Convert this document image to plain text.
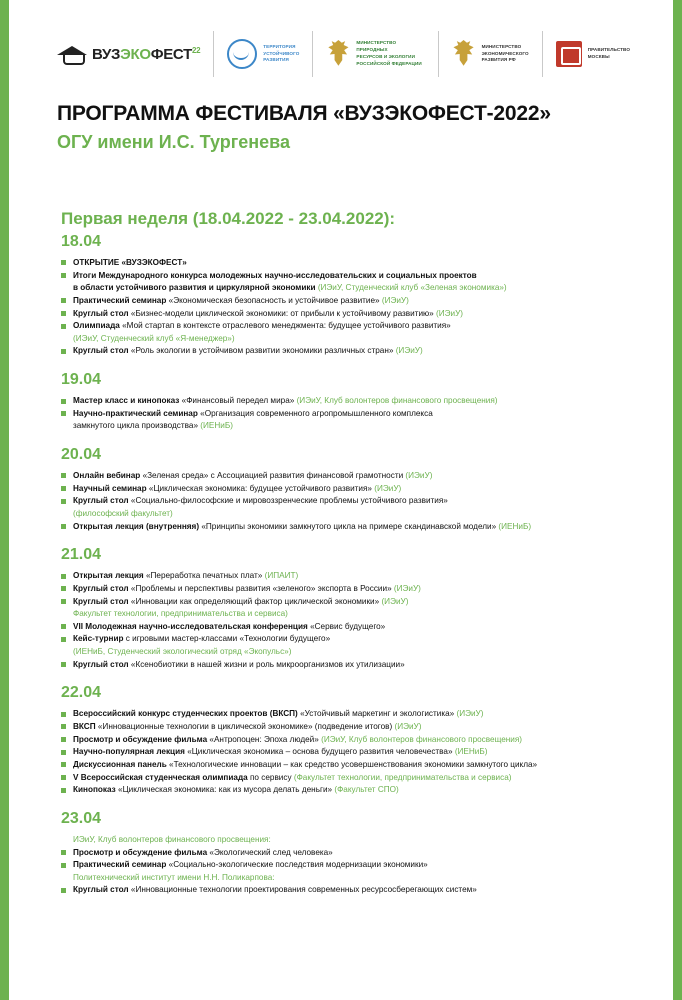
ВУЗЭКОФЕСТ$^{22}$	ТЕРРИТОРИЯ
УСТОЙЧИВОГО
РАЗВИТИЯ
МИНИСТЕРСТВО ПРИРОДНЫХ
РЕСУРСОВ И ЭКОЛОГИИ
РОССИЙСКОЙ ФЕДЕРАЦИИ
МИНИСТЕРСТВО
ЭКОНОМИЧЕСКОГО
РАЗВИТИЯ РФ
ПРАВИТЕЛЬСТВО
МОСКВЫ
ПРОГРАММА ФЕСТИВАЛЯ «ВУЗЭКОФЕСТ-2022»
ОГУ имени И.С. Тургенева
Первая неделя (18.04.2022 - 23.04.2022):
18.04
ОТКРЫТИЕ «ВУЗЭКОФЕСТ»
Итоги Международного конкурса молодежных научно-исследовательских и социальных проектов
в области устойчивого развития и циркулярной экономики (ИЭиУ, Студенческий клуб «Зеленая экономика»)
Практический семинар «Экономическая безопасность и устойчивое развитие» (ИЭиУ)
Круглый стол «Бизнес-модели циклической экономики: от прибыли к устойчивому развитию» (ИЭиУ)
Олимпиада «Мой стартап в контексте отраслевого менеджмента: будущее устойчивого развития»
(ИЭиУ, Студенческий клуб «Я-менеджер»)
Круглый стол «Роль экологии в устойчивом развитии экономики различных стран» (ИЭиУ)
19.04
Мастер класс и кинопоказ «Финансовый передел мира» (ИЭиУ, Клуб волонтеров финансового просвещения)
Научно-практический семинар «Организация современного агропромышленного комплекса
замкнутого цикла производства» (ИЕНиБ)
20.04
Онлайн вебинар «Зеленая среда» с Ассоциацией развития финансовой грамотности (ИЭиУ)
Научный семинар «Циклическая экономика: будущее устойчивого развития» (ИЭиУ)
Круглый стол «Социально-философские и мировоззренческие проблемы устойчивого развития»
(философский факультет)
Открытая лекция (внутренняя) «Принципы экономики замкнутого цикла на примере скандинавской модели» (ИЕНиБ)
21.04
Открытая лекция «Переработка печатных плат» (ИПАИТ)
Круглый стол «Проблемы и перспективы развития «зеленого» экспорта в России» (ИЭиУ)
Круглый стол «Инновации как определяющий фактор циклической экономики» (ИЭиУ)
Факультет технологии, предпринимательства и сервиса)
VII Молодежная научно-исследовательская конференция «Сервис будущего»
Кейс-турнир с игровыми мастер-классами «Технологии будущего»
(ИЕНиБ, Студенческий экологический отряд «Экопульс»)
Круглый стол «Ксенобиотики в нашей жизни и роль микроорганизмов их утилизации»
22.04
Всероссийский конкурс студенческих проектов (ВКСП) «Устойчивый маркетинг и экологистика» (ИЭиУ)
ВКСП «Инновационные технологии в циклической экономике» (подведение итогов) (ИЭиУ)
Просмотр и обсуждение фильма «Антропоцен: Эпоха людей» (ИЭиУ, Клуб волонтеров финансового просвещения)
Научно-популярная лекция «Циклическая экономика – основа будущего развития человечества» (ИЕНиБ)
Дискуссионная панель «Технологические инновации – как средство усовершенствования экономики замкнутого цикла»
V Всероссийская студенческая олимпиада по сервису (Факультет технологии, предпринимательства и сервиса)
Кинопоказ «Циклическая экономика: как из мусора делать деньги» (Факультет СПО)
23.04
ИЭиУ, Клуб волонтеров финансового просвещения:
Просмотр и обсуждение фильма «Экологический след человека»
Практический семинар «Социально-экологические последствия модернизации экономики»
Политехнический институт имени Н.Н. Поликарпова:
Круглый стол «Инновационные технологии проектирования современных ресурсосберегающих систем»
